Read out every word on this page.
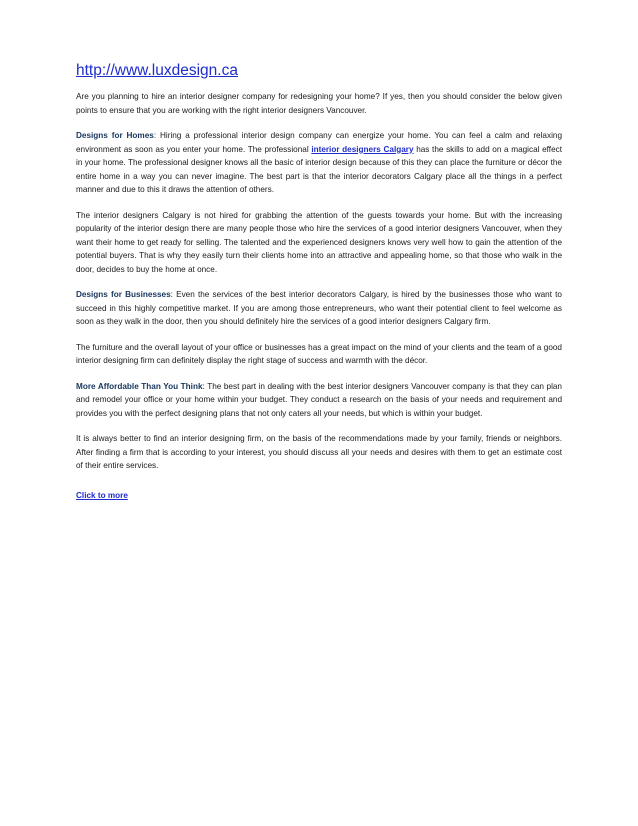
http://www.luxdesign.ca

Are you planning to hire an interior designer company for redesigning your home? If yes, then you should consider the below given points to ensure that you are working with the right interior designers Vancouver.

Designs for Homes: Hiring a professional interior design company can energize your home. You can feel a calm and relaxing environment as soon as you enter your home. The professional interior designers Calgary has the skills to add on a magical effect in your home. The professional designer knows all the basic of interior design because of this they can place the furniture or décor the entire home in a way you can never imagine. The best part is that the interior decorators Calgary place all the things in a perfect manner and due to this it draws the attention of others.

The interior designers Calgary is not hired for grabbing the attention of the guests towards your home. But with the increasing popularity of the interior design there are many people those who hire the services of a good interior designers Vancouver, when they want their home to get ready for selling. The talented and the experienced designers knows very well how to gain the attention of the potential buyers. That is why they easily turn their clients home into an attractive and appealing home, so that those who walk in the door, decides to buy the home at once.

Designs for Businesses: Even the services of the best interior decorators Calgary, is hired by the businesses those who want to succeed in this highly competitive market. If you are among those entrepreneurs, who want their potential client to feel welcome as soon as they walk in the door, then you should definitely hire the services of a good interior designers Calgary firm.

The furniture and the overall layout of your office or businesses has a great impact on the mind of your clients and the team of a good interior designing firm can definitely display the right stage of success and warmth with the décor.

More Affordable Than You Think: The best part in dealing with the best interior designers Vancouver company is that they can plan and remodel your office or your home within your budget. They conduct a research on the basis of your needs and requirement and provides you with the perfect designing plans that not only caters all your needs, but which is within your budget.

It is always better to find an interior designing firm, on the basis of the recommendations made by your family, friends or neighbors. After finding a firm that is according to your interest, you should discuss all your needs and desires with them to get an estimate cost of their entire services.

Click to more
